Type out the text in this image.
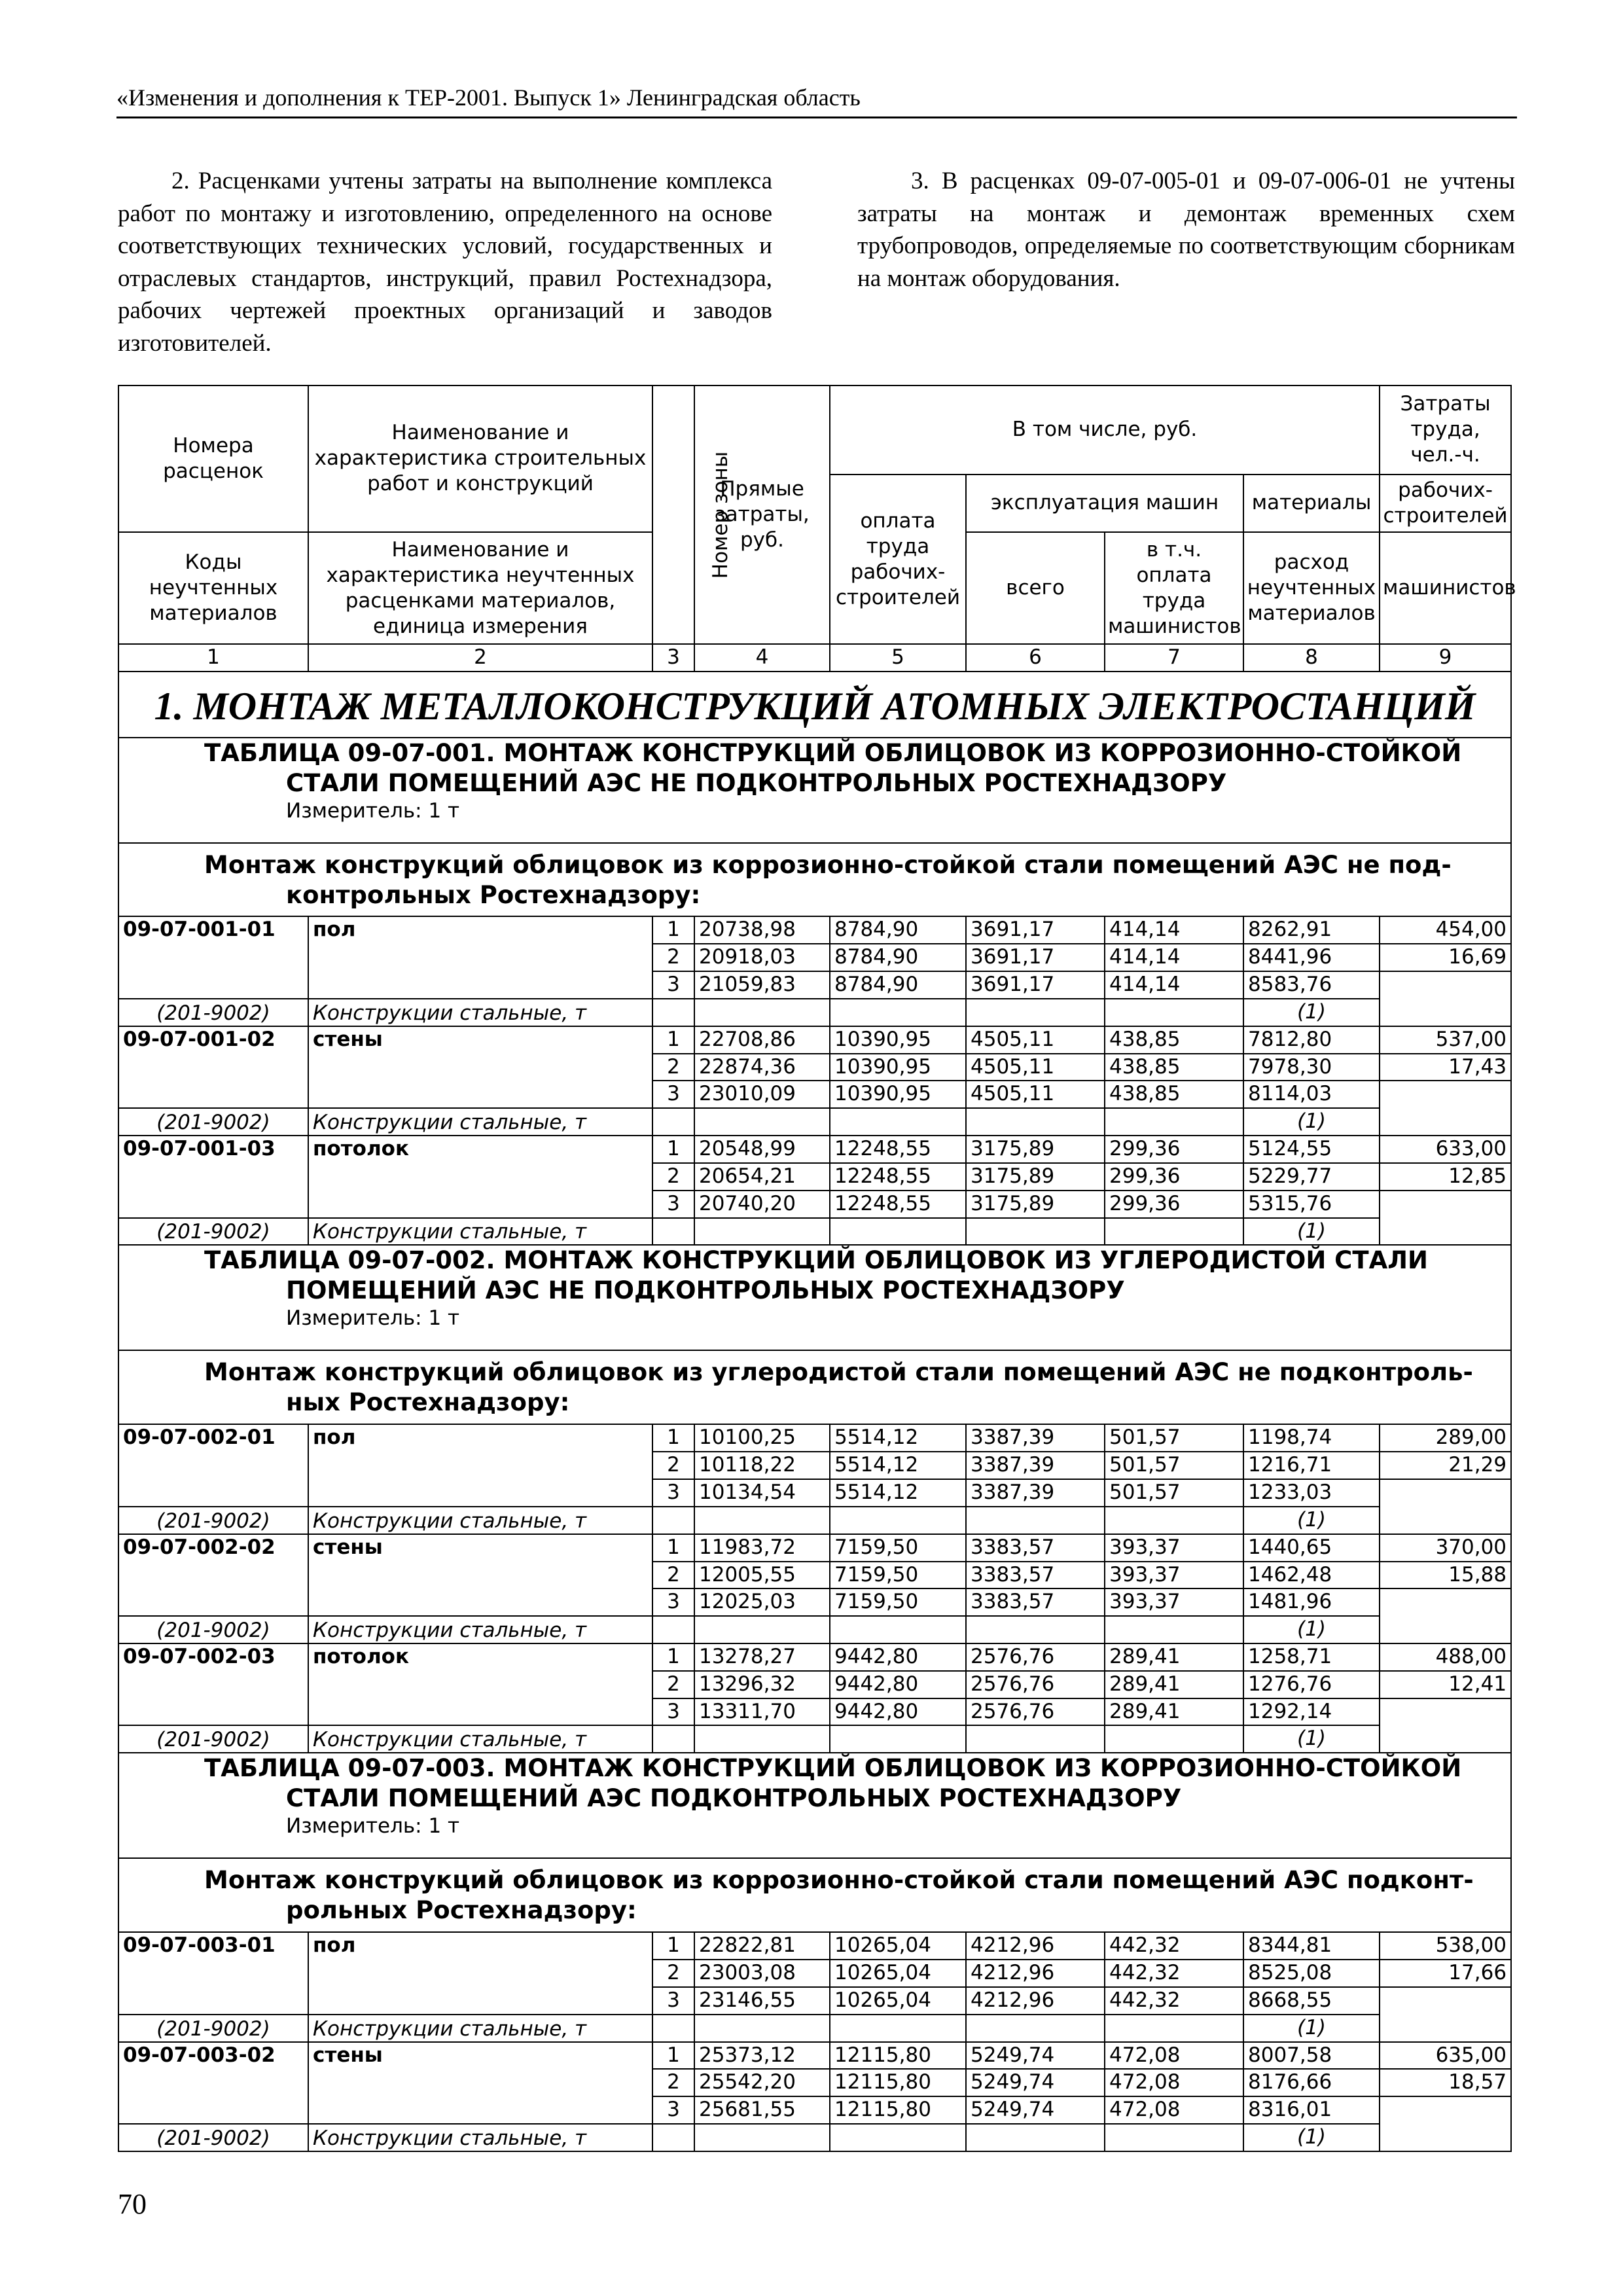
«Изменения и дополнения к ТЕР-2001. Выпуск 1» Ленинградская область
2. Расценками учтены затраты на выполнение комплекса работ по монтажу и изготовлению, определенного на основе соответствующих технических условий, государственных и отраслевых стандартов, инструкций, правил Ростехнадзора, рабочих чертежей проектных организаций и заводов изготовителей.
3. В расценках 09-07-005-01 и 09-07-006-01 не учтены затраты на монтаж и демонтаж временных схем трубопроводов, определяемые по соответствующим сборникам на монтаж оборудования.
Номера расценок	Наименование и характеристика строительных работ и конструкций	Номер зоны	Прямые затраты, руб.	В том числе, руб.				Затраты труда, чел.-ч.
				оплата труда рабочих-строителей	эксплуатация машин		материалы	рабочих-строителей
Коды неучтенных материалов	Наименование и характеристика неучтенных расценками материалов, единица измерения				всего	в т.ч. оплата труда машинистов	расход неучтенных материалов	машинистов
1	2	3	4	5	6	7	8	9

1. МОНТАЖ МЕТАЛЛОКОНСТРУКЦИЙ АТОМНЫХ ЭЛЕКТРОСТАНЦИЙ								

ТАБЛИЦА 09-07-001. МОНТАЖ КОНСТРУКЦИЙ ОБЛИЦОВОК ИЗ КОРРОЗИОННО-СТОЙКОЙ
СТАЛИ ПОМЕЩЕНИЙ АЭС НЕ ПОДКОНТРОЛЬНЫХ РОСТЕХНАДЗОРУ
Измеритель: 1 т								

Монтаж конструкций облицовок из коррозионно-стойкой стали помещений АЭС не под-
контрольных Ростехнадзору:								

09-07-001-01	пол	1	20738,98	8784,90	3691,17	414,14	8262,91	454,00
		2	20918,03	8784,90	3691,17	414,14	8441,96	16,69
		3	21059,83	8784,90	3691,17	414,14	8583,76	
(201-9002)	Конструкции стальные, т						(1)	
09-07-001-02	стены	1	22708,86	10390,95	4505,11	438,85	7812,80	537,00
		2	22874,36	10390,95	4505,11	438,85	7978,30	17,43
		3	23010,09	10390,95	4505,11	438,85	8114,03	
(201-9002)	Конструкции стальные, т						(1)	
09-07-001-03	потолок	1	20548,99	12248,55	3175,89	299,36	5124,55	633,00
		2	20654,21	12248,55	3175,89	299,36	5229,77	12,85
		3	20740,20	12248,55	3175,89	299,36	5315,76	
(201-9002)	Конструкции стальные, т						(1)	

ТАБЛИЦА 09-07-002. МОНТАЖ КОНСТРУКЦИЙ ОБЛИЦОВОК ИЗ УГЛЕРОДИСТОЙ СТАЛИ
ПОМЕЩЕНИЙ АЭС НЕ ПОДКОНТРОЛЬНЫХ РОСТЕХНАДЗОРУ
Измеритель: 1 т								

Монтаж конструкций облицовок из углеродистой стали помещений АЭС не подконтроль-
ных Ростехнадзору:								

09-07-002-01	пол	1	10100,25	5514,12	3387,39	501,57	1198,74	289,00
		2	10118,22	5514,12	3387,39	501,57	1216,71	21,29
		3	10134,54	5514,12	3387,39	501,57	1233,03	
(201-9002)	Конструкции стальные, т						(1)	
09-07-002-02	стены	1	11983,72	7159,50	3383,57	393,37	1440,65	370,00
		2	12005,55	7159,50	3383,57	393,37	1462,48	15,88
		3	12025,03	7159,50	3383,57	393,37	1481,96	
(201-9002)	Конструкции стальные, т						(1)	
09-07-002-03	потолок	1	13278,27	9442,80	2576,76	289,41	1258,71	488,00
		2	13296,32	9442,80	2576,76	289,41	1276,76	12,41
		3	13311,70	9442,80	2576,76	289,41	1292,14	
(201-9002)	Конструкции стальные, т						(1)	

ТАБЛИЦА 09-07-003. МОНТАЖ КОНСТРУКЦИЙ ОБЛИЦОВОК ИЗ КОРРОЗИОННО-СТОЙКОЙ
СТАЛИ ПОМЕЩЕНИЙ АЭС ПОДКОНТРОЛЬНЫХ РОСТЕХНАДЗОРУ
Измеритель: 1 т								

Монтаж конструкций облицовок из коррозионно-стойкой стали помещений АЭС подконт-
рольных Ростехнадзору:								

09-07-003-01	пол	1	22822,81	10265,04	4212,96	442,32	8344,81	538,00
		2	23003,08	10265,04	4212,96	442,32	8525,08	17,66
		3	23146,55	10265,04	4212,96	442,32	8668,55	
(201-9002)	Конструкции стальные, т						(1)	
09-07-003-02	стены	1	25373,12	12115,80	5249,74	472,08	8007,58	635,00
		2	25542,20	12115,80	5249,74	472,08	8176,66	18,57
		3	25681,55	12115,80	5249,74	472,08	8316,01	
(201-9002)	Конструкции стальные, т						(1)	
70
